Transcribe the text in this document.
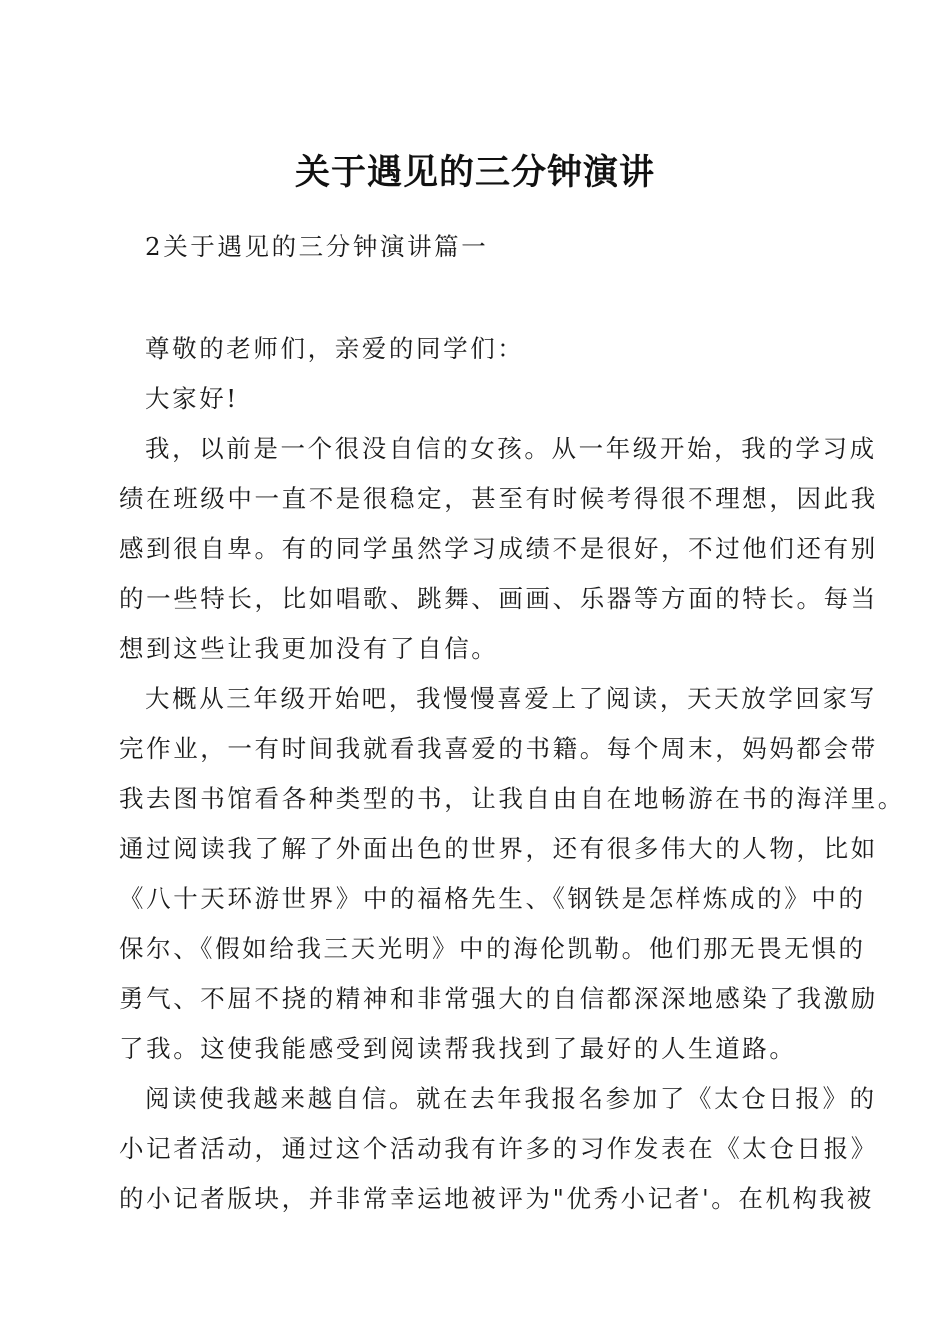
关于遇见的三分钟演讲
2关于遇见的三分钟演讲篇一
尊敬的老师们，亲爱的同学们：
大家好!
我，以前是一个很没自信的女孩。从一年级开始，我的学习成
绩在班级中一直不是很稳定，甚至有时候考得很不理想，因此我
感到很自卑。有的同学虽然学习成绩不是很好，不过他们还有别
的一些特长，比如唱歌、跳舞、画画、乐器等方面的特长。每当
想到这些让我更加没有了自信。
大概从三年级开始吧，我慢慢喜爱上了阅读，天天放学回家写
完作业，一有时间我就看我喜爱的书籍。每个周末，妈妈都会带
我去图书馆看各种类型的书，让我自由自在地畅游在书的海洋里。
通过阅读我了解了外面出色的世界，还有很多伟大的人物，比如
《八十天环游世界》中的福格先生、《钢铁是怎样炼成的》中的
保尔、《假如给我三天光明》中的海伦凯勒。他们那无畏无惧的
勇气、不屈不挠的精神和非常强大的自信都深深地感染了我激励
了我。这使我能感受到阅读帮我找到了最好的人生道路。
阅读使我越来越自信。就在去年我报名参加了《太仓日报》的
小记者活动，通过这个活动我有许多的习作发表在《太仓日报》
的小记者版块，并非常幸运地被评为"优秀小记者'。在机构我被
